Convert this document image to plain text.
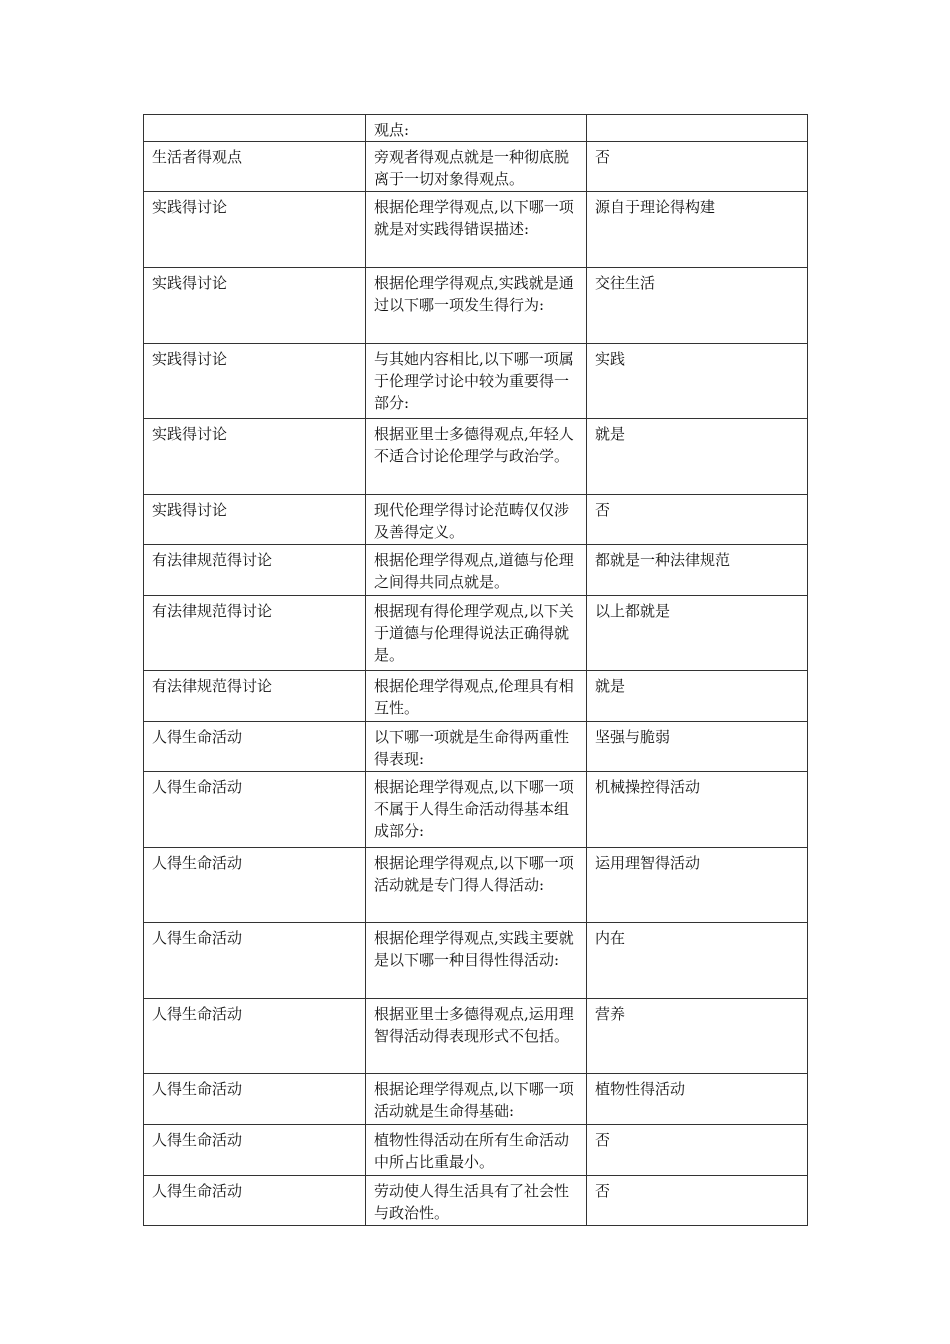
	观点:	
生活者得观点	旁观者得观点就是一种彻底脱离于一切对象得观点。	否
实践得讨论	根据伦理学得观点,以下哪一项就是对实践得错误描述:	源自于理论得构建
实践得讨论	根据伦理学得观点,实践就是通过以下哪一项发生得行为:	交往生活
实践得讨论	与其她内容相比,以下哪一项属于伦理学讨论中较为重要得一部分:	实践
实践得讨论	根据亚里士多德得观点,年轻人不适合讨论伦理学与政治学。	就是
实践得讨论	现代伦理学得讨论范畴仅仅涉及善得定义。	否
有法律规范得讨论	根据伦理学得观点,道德与伦理之间得共同点就是。	都就是一种法律规范
有法律规范得讨论	根据现有得伦理学观点,以下关于道德与伦理得说法正确得就是。	以上都就是
有法律规范得讨论	根据伦理学得观点,伦理具有相互性。	就是
人得生命活动	以下哪一项就是生命得两重性得表现:	坚强与脆弱
人得生命活动	根据论理学得观点,以下哪一项不属于人得生命活动得基本组成部分:	机械操控得活动
人得生命活动	根据论理学得观点,以下哪一项活动就是专门得人得活动:	运用理智得活动
人得生命活动	根据伦理学得观点,实践主要就是以下哪一种目得性得活动:	内在
人得生命活动	根据亚里士多德得观点,运用理智得活动得表现形式不包括。	营养
人得生命活动	根据论理学得观点,以下哪一项活动就是生命得基础:	植物性得活动
人得生命活动	植物性得活动在所有生命活动中所占比重最小。	否
人得生命活动	劳动使人得生活具有了社会性与政治性。	否
